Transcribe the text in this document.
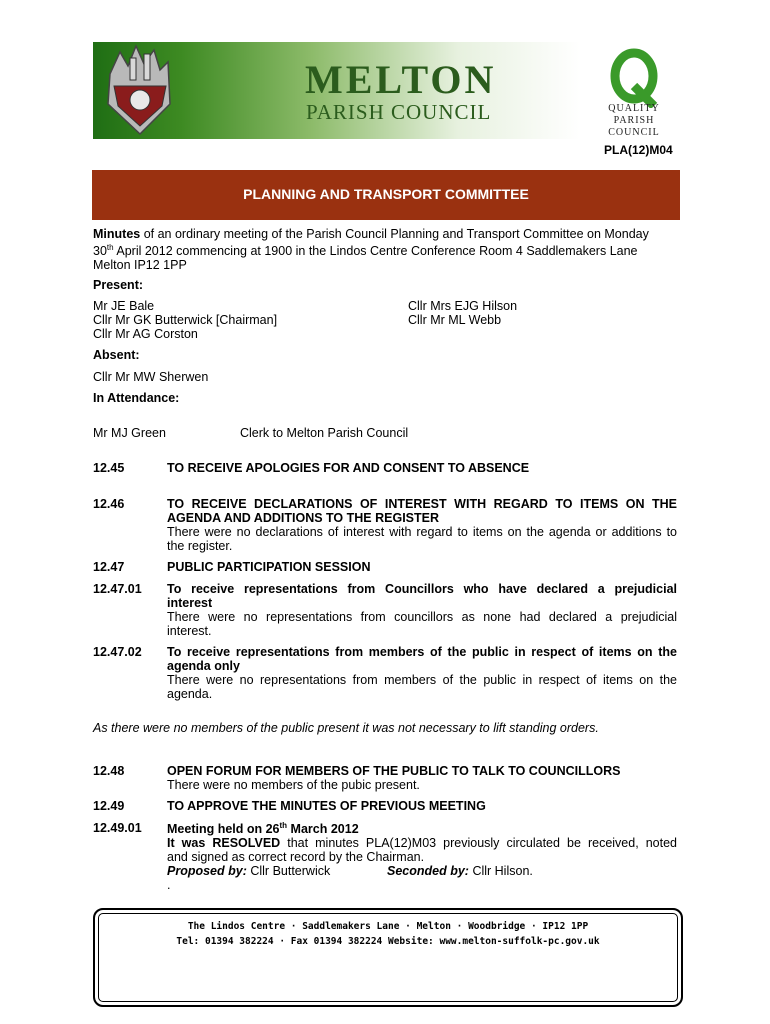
MELTON
PARISH COUNCIL	QUALITY
PARISH
COUNCIL
PLA(12)M04
PLANNING AND TRANSPORT COMMITTEE
Minutes of an ordinary meeting of the Parish Council Planning and Transport Committee on Monday
30th April 2012 commencing at 1900 in the Lindos Centre Conference Room 4 Saddlemakers Lane
Melton IP12 1PP
Present:
Mr JE Bale
Cllr Mr GK Butterwick [Chairman]
Cllr Mr AG Corston
Cllr Mrs EJG Hilson
Cllr Mr ML Webb
Absent:
Cllr Mr MW Sherwen
In Attendance:
Mr MJ Green	Clerk to Melton Parish Council
12.45	TO RECEIVE APOLOGIES FOR AND CONSENT TO ABSENCE
12.46	TO RECEIVE DECLARATIONS OF INTEREST WITH REGARD TO ITEMS ON THE
AGENDA AND ADDITIONS TO THE REGISTER
There were no declarations of interest with regard to items on the agenda or additions to
the register.
12.47	PUBLIC PARTICIPATION SESSION
12.47.01 To receive representations from Councillors who have declared a prejudicial
interest
There were no representations from councillors as none had declared a prejudicial
interest.
12.47.02 To receive representations from members of the public in respect of items on the
agenda only
There were no representations from members of the public in respect of items on the
agenda.
As there were no members of the public present it was not necessary to lift standing orders.
12.48	OPEN FORUM FOR MEMBERS OF THE PUBLIC TO TALK TO COUNCILLORS
There were no members of the pubic present.
12.49	TO APPROVE THE MINUTES OF PREVIOUS MEETING
12.49.01 Meeting held on 26th March 2012
It was RESOLVED that minutes PLA(12)M03 previously circulated be received, noted
and signed as correct record by the Chairman.
Proposed by: Cllr Butterwick	Seconded by: Cllr Hilson.
.
The Lindos Centre · Saddlemakers Lane · Melton · Woodbridge · IP12 1PP
Tel: 01394 382224 · Fax 01394 382224 Website: www.melton-suffolk-pc.gov.uk
